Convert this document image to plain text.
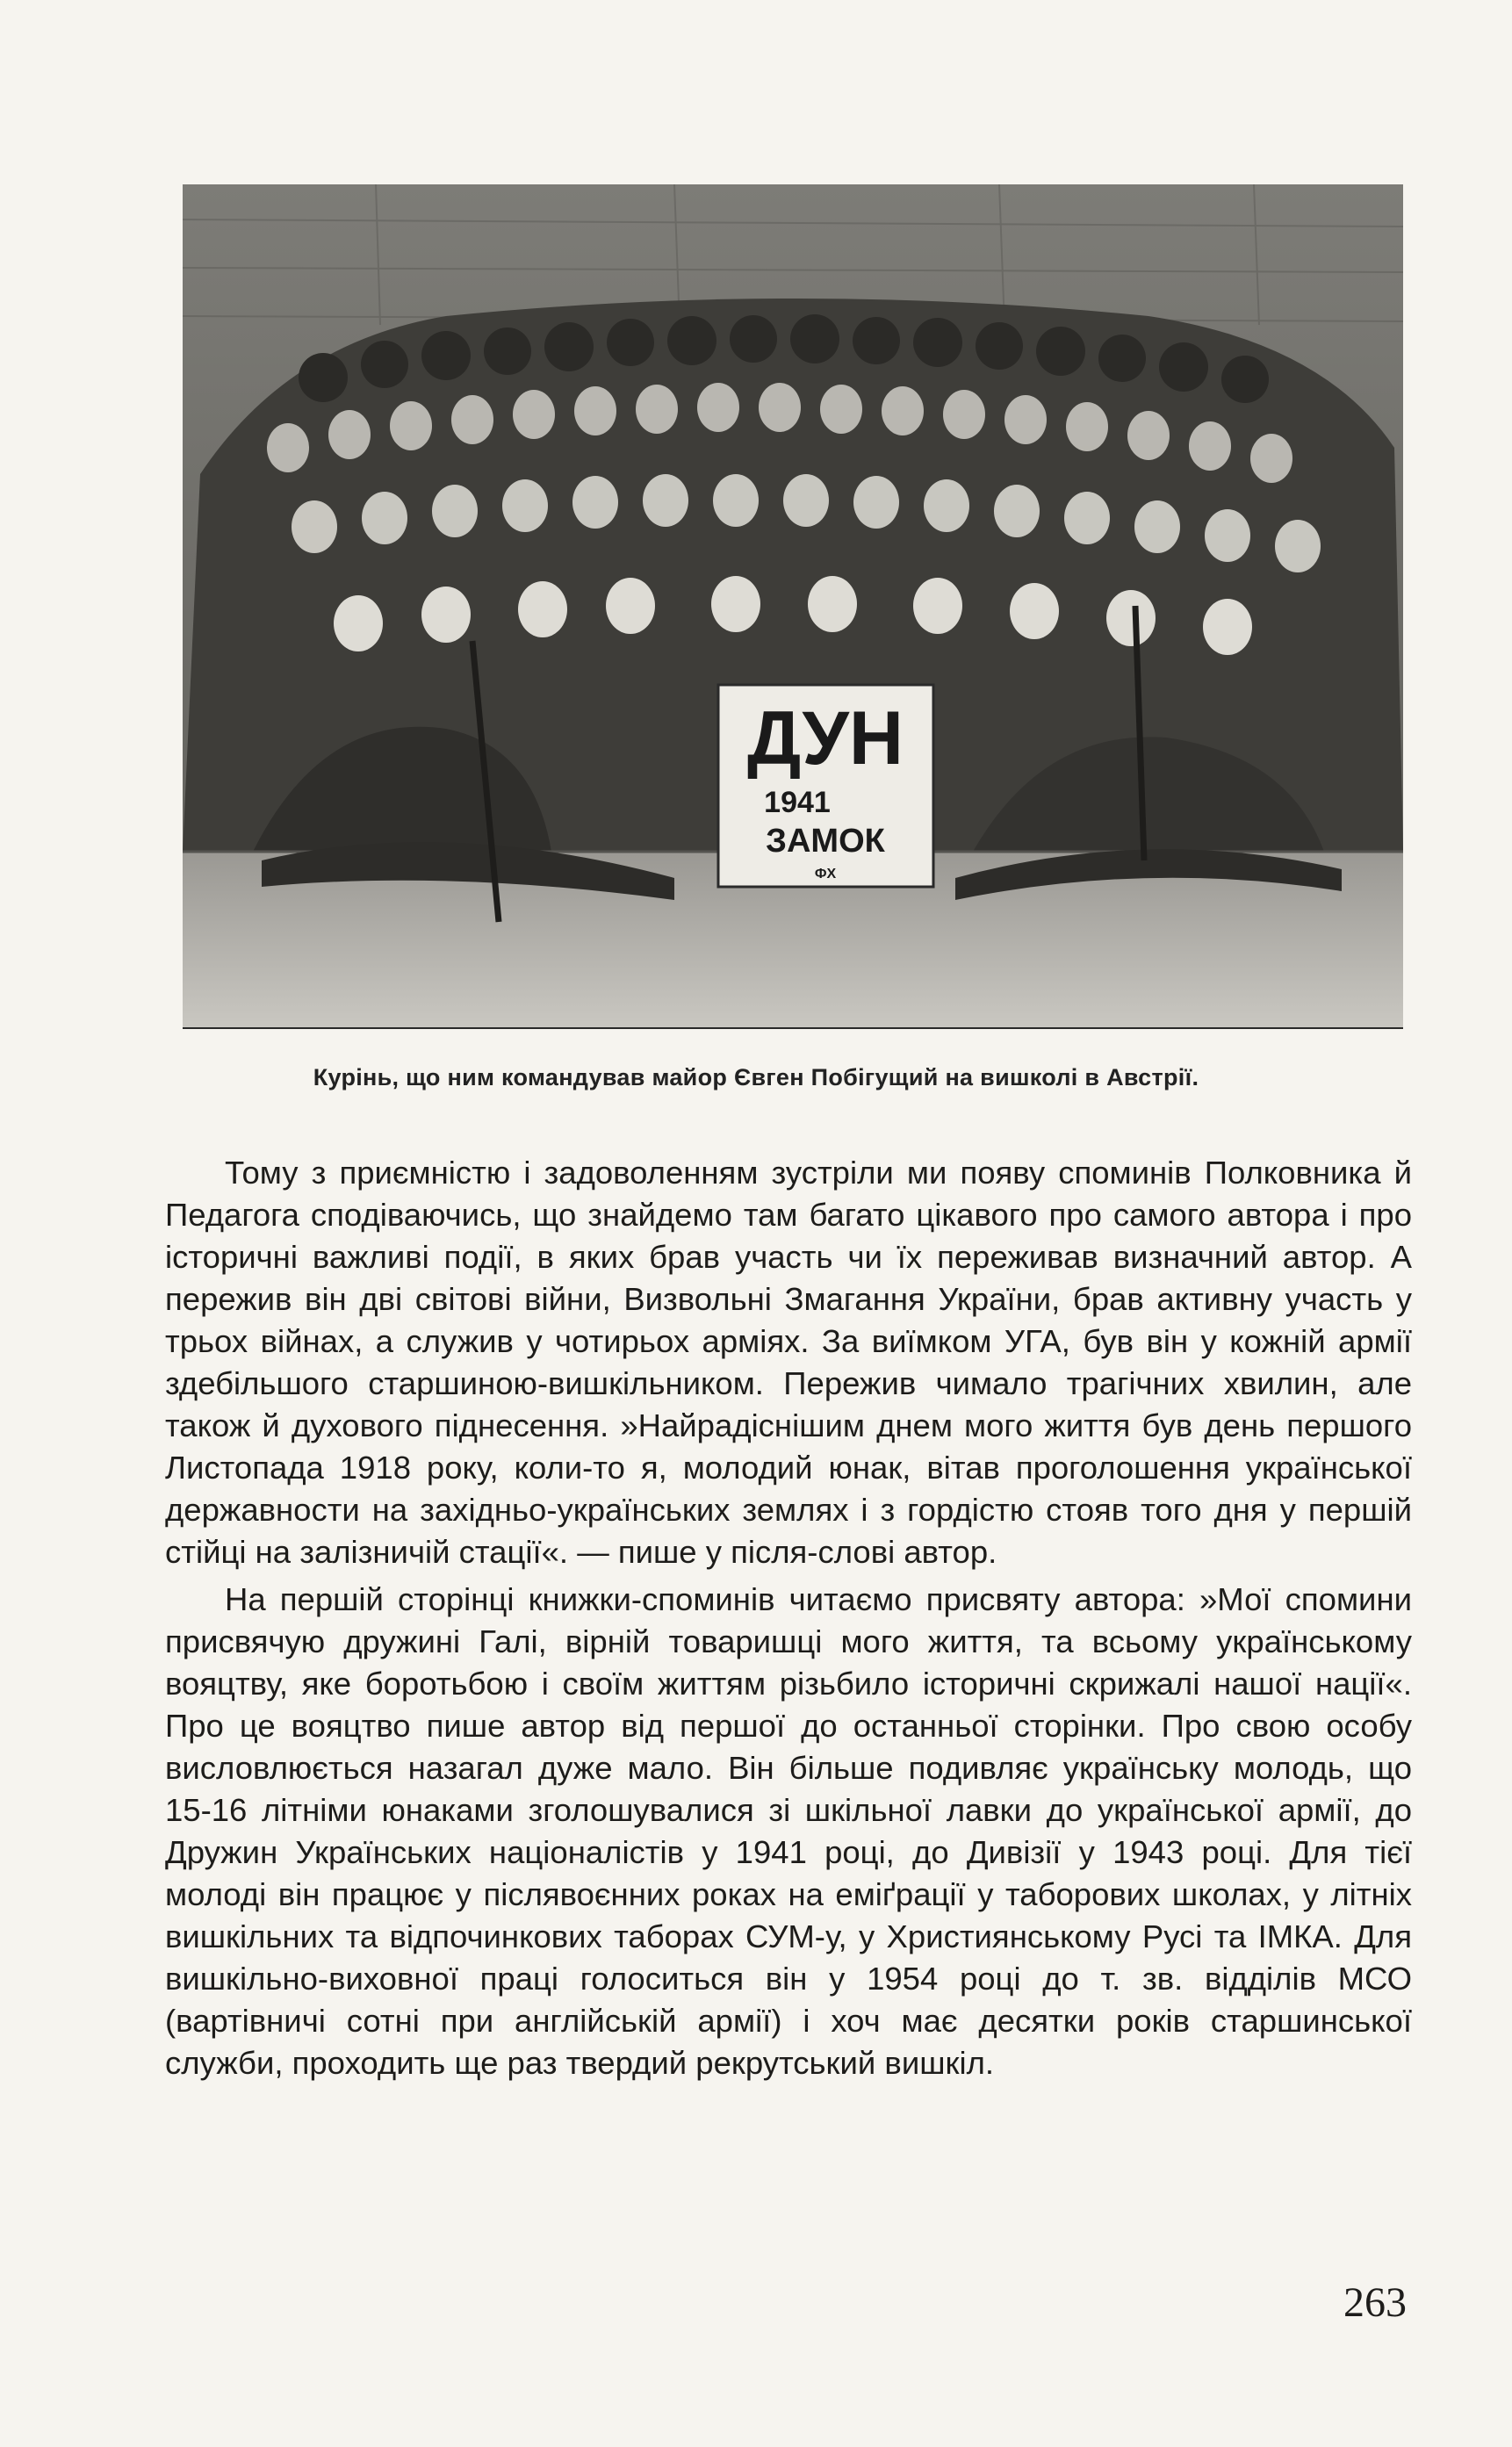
ДУН
1941
ЗАМОК
ФХ
Курінь, що ним командував майор Євген Побігущий на вишколі в Австрії.

Тому з приємністю і задоволенням зустріли ми появу споминів Полковника й Педагога сподіваючись, що знайдемо там багато цікавого про самого автора і про історичні важливі події, в яких брав участь чи їх переживав визначний автор. А пережив він дві світові війни, Визвольні Змагання України, брав активну участь у трьох війнах, а служив у чотирьох арміях. За виїмком УГА, був він у кожній армії здебільшого старшиною-вишкільником. Пережив чимало трагічних хвилин, але також й духового піднесення. »Найрадіснішим днем мого життя був день першого Листопада 1918 року, коли-то я, молодий юнак, вітав проголошення української державности на західньо-українських землях і з гордістю стояв того дня у першій стійці на залізничій стації«. — пише у після-слові автор.

На першій сторінці книжки-споминів читаємо присвяту автора: »Мої спомини присвячую дружині Галі, вірній товаришці мого життя, та всьому українському вояцтву, яке боротьбою і своїм життям різьбило історичні скрижалі нашої нації«. Про це вояцтво пише автор від першої до останньої сторінки. Про свою особу висловлюється назагал дуже мало. Він більше подивляє українську молодь, що 15-16 літніми юнаками зголошувалися зі шкільної лавки до української армії, до Дружин Українських націоналістів у 1941 році, до Дивізії у 1943 році. Для тієї молоді він працює у післявоєнних роках на еміґрації у таборових школах, у літніх вишкільних та відпочинкових таборах СУМ-у, у Християнському Русі та ІМКА. Для вишкільно-виховної праці голоситься він у 1954 році до т. зв. відділів МСО (вартівничі сотні при англійській армії) і хоч має десятки років старшинської служби, проходить ще раз твердий рекрутський вишкіл.

263
